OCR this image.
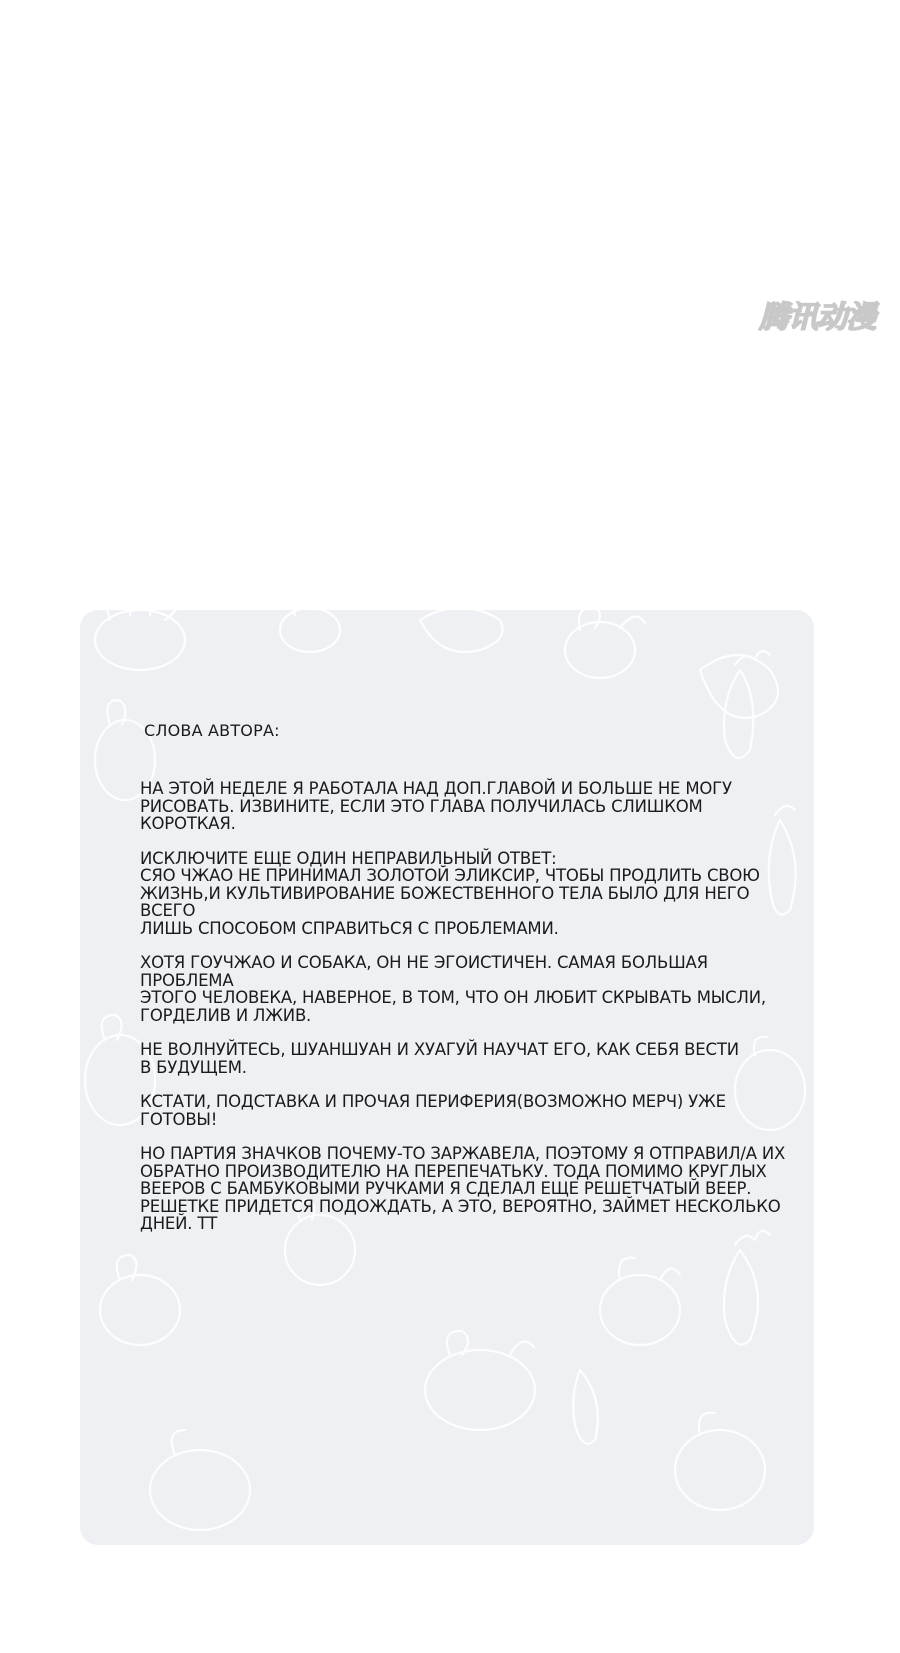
腾讯动漫
СЛОВА АВТОРА:

НА ЭТОЙ НЕДЕЛЕ Я РАБОТАЛА НАД ДОП.ГЛАВОЙ И БОЛЬШЕ НЕ МОГУ
РИСОВАТЬ. ИЗВИНИТЕ, ЕСЛИ ЭТО ГЛАВА ПОЛУЧИЛАСЬ СЛИШКОМ КОРОТКАЯ.

ИСКЛЮЧИТЕ ЕЩЕ ОДИН НЕПРАВИЛЬНЫЙ ОТВЕТ:
СЯО ЧЖАО НЕ ПРИНИМАЛ ЗОЛОТОЙ ЭЛИКСИР, ЧТОБЫ ПРОДЛИТЬ СВОЮ
ЖИЗНЬ,И КУЛЬТИВИРОВАНИЕ БОЖЕСТВЕННОГО ТЕЛА БЫЛО ДЛЯ НЕГО ВСЕГО
ЛИШЬ СПОСОБОМ СПРАВИТЬСЯ С ПРОБЛЕМАМИ.

ХОТЯ ГОУЧЖАО И СОБАКА, ОН НЕ ЭГОИСТИЧЕН. САМАЯ БОЛЬШАЯ ПРОБЛЕМА
ЭТОГО ЧЕЛОВЕКА, НАВЕРНОЕ, В ТОМ, ЧТО ОН ЛЮБИТ СКРЫВАТЬ МЫСЛИ,
ГОРДЕЛИВ И ЛЖИВ.

НЕ ВОЛНУЙТЕСЬ, ШУАНШУАН И ХУАГУЙ НАУЧАТ ЕГО, КАК СЕБЯ ВЕСТИ
В БУДУЩЕМ.

КСТАТИ, ПОДСТАВКА И ПРОЧАЯ ПЕРИФЕРИЯ(ВОЗМОЖНО МЕРЧ) УЖЕ
ГОТОВЫ!

НО ПАРТИЯ ЗНАЧКОВ ПОЧЕМУ-ТО ЗАРЖАВЕЛА, ПОЭТОМУ Я ОТПРАВИЛ/А ИХ
ОБРАТНО ПРОИЗВОДИТЕЛЮ НА ПЕРЕПЕЧАТЬКУ. ТОДА ПОМИМО КРУГЛЫХ
ВЕЕРОВ С БАМБУКОВЫМИ РУЧКАМИ Я СДЕЛАЛ ЕЩЕ РЕШЕТЧАТЫЙ ВЕЕР.
РЕШЕТКЕ ПРИДЕТСЯ ПОДОЖДАТЬ, А ЭТО, ВЕРОЯТНО, ЗАЙМЕТ НЕСКОЛЬКО
ДНЕЙ. ТТ
